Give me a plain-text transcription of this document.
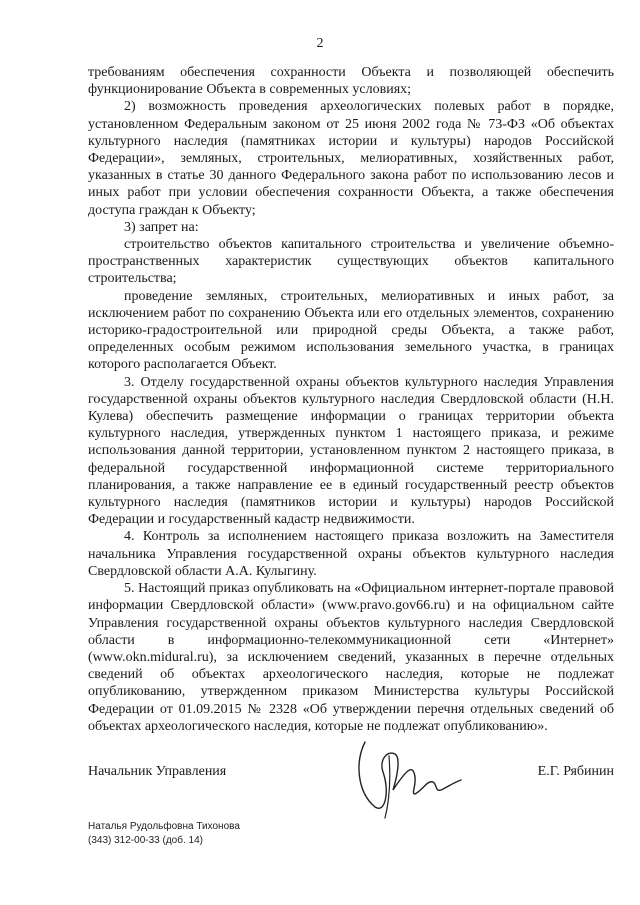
2

требованиям обеспечения сохранности Объекта и позволяющей обеспечить функционирование Объекта в современных условиях;

2) возможность проведения археологических полевых работ в порядке, установленном Федеральным законом от 25 июня 2002 года № 73-ФЗ «Об объектах культурного наследия (памятниках истории и культуры) народов Российской Федерации», земляных, строительных, мелиоративных, хозяйственных работ, указанных в статье 30 данного Федерального закона работ по использованию лесов и иных работ при условии обеспечения сохранности Объекта, а также обеспечения доступа граждан к Объекту;

3) запрет на:

строительство объектов капитального строительства и увеличение объемно-пространственных характеристик существующих объектов капитального строительства;

проведение земляных, строительных, мелиоративных и иных работ, за исключением работ по сохранению Объекта или его отдельных элементов, сохранению историко-градостроительной или природной среды Объекта, а также работ, определенных особым режимом использования земельного участка, в границах которого располагается Объект.

3. Отделу государственной охраны объектов культурного наследия Управления государственной охраны объектов культурного наследия Свердловской области (Н.Н. Кулева) обеспечить размещение информации о границах территории объекта культурного наследия, утвержденных пунктом 1 настоящего приказа, и режиме использования данной территории, установленном пунктом 2 настоящего приказа, в федеральной государственной информационной системе территориального планирования, а также направление ее в единый государственный реестр объектов культурного наследия (памятников истории и культуры) народов Российской Федерации и государственный кадастр недвижимости.

4. Контроль за исполнением настоящего приказа возложить на Заместителя начальника Управления государственной охраны объектов культурного наследия Свердловской области А.А. Кулыгину.

5. Настоящий приказ опубликовать на «Официальном интернет-портале правовой информации Свердловской области» (www.pravo.gov66.ru) и на официальном сайте Управления государственной охраны объектов культурного наследия Свердловской области в информационно-телекоммуникационной сети «Интернет» (www.okn.midural.ru), за исключением сведений, указанных в перечне отдельных сведений об объектах археологического наследия, которые не подлежат опубликованию, утвержденном приказом Министерства культуры Российской Федерации от 01.09.2015 № 2328 «Об утверждении перечня отдельных сведений об объектах археологического наследия, которые не подлежат опубликованию».

Начальник Управления	Е.Г. Рябинин
Наталья Рудольфовна Тихонова
(343) 312-00-33 (доб. 14)
